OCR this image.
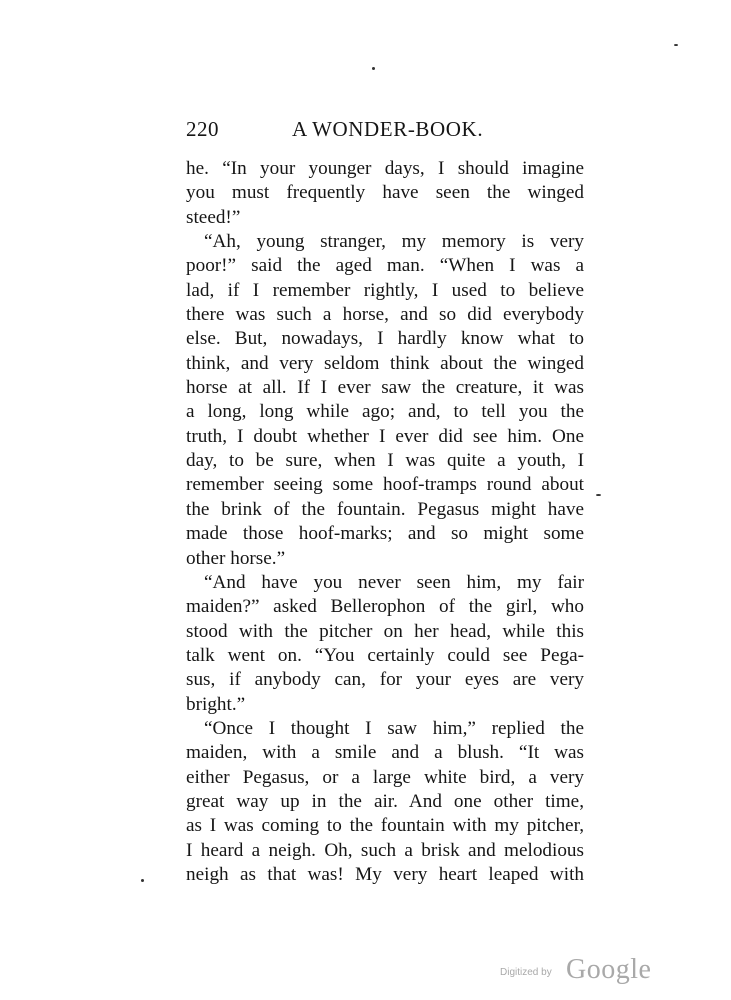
220	A WONDER-BOOK.
he. “In your younger days, I should imagine
you must frequently have seen the winged
steed!”
“Ah, young stranger, my memory is very
poor!” said the aged man. “When I was a
lad, if I remember rightly, I used to believe
there was such a horse, and so did everybody
else. But, nowadays, I hardly know what to
think, and very seldom think about the winged
horse at all. If I ever saw the creature, it was
a long, long while ago; and, to tell you the
truth, I doubt whether I ever did see him. One
day, to be sure, when I was quite a youth, I
remember seeing some hoof-tramps round about
the brink of the fountain. Pegasus might have
made those hoof-marks; and so might some
other horse.”
“And have you never seen him, my fair
maiden?” asked Bellerophon of the girl, who
stood with the pitcher on her head, while this
talk went on. “You certainly could see Pega-
sus, if anybody can, for your eyes are very
bright.”
“Once I thought I saw him,” replied the
maiden, with a smile and a blush. “It was
either Pegasus, or a large white bird, a very
great way up in the air. And one other time,
as I was coming to the fountain with my pitcher,
I heard a neigh. Oh, such a brisk and melodious
neigh as that was! My very heart leaped with
Digitized by Google
